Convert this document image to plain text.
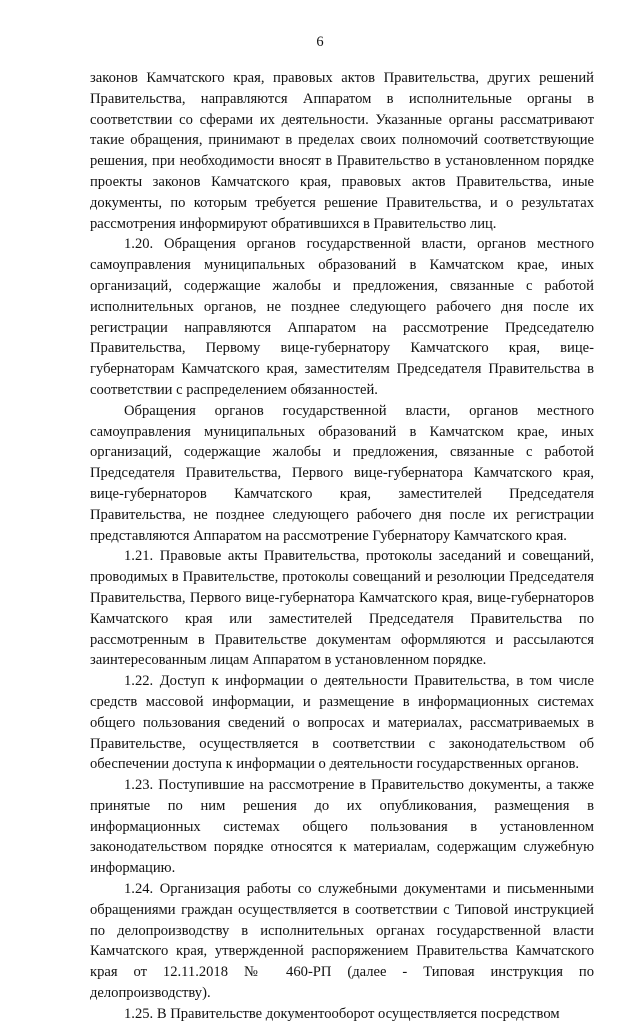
6

законов Камчатского края, правовых актов Правительства, других решений Правительства, направляются Аппаратом в исполнительные органы в соответствии со сферами их деятельности. Указанные органы рассматривают такие обращения, принимают в пределах своих полномочий соответствующие решения, при необходимости вносят в Правительство в установленном порядке проекты законов Камчатского края, правовых актов Правительства, иные документы, по которым требуется решение Правительства, и о результатах рассмотрения информируют обратившихся в Правительство лиц.

1.20. Обращения органов государственной власти, органов местного самоуправления муниципальных образований в Камчатском крае, иных организаций, содержащие жалобы и предложения, связанные с работой исполнительных органов, не позднее следующего рабочего дня после их регистрации направляются Аппаратом на рассмотрение Председателю Правительства, Первому вице-губернатору Камчатского края, вице-губернаторам Камчатского края, заместителям Председателя Правительства в соответствии с распределением обязанностей.

Обращения органов государственной власти, органов местного самоуправления муниципальных образований в Камчатском крае, иных организаций, содержащие жалобы и предложения, связанные с работой Председателя Правительства, Первого вице-губернатора Камчатского края, вице-губернаторов Камчатского края, заместителей Председателя Правительства, не позднее следующего рабочего дня после их регистрации представляются Аппаратом на рассмотрение Губернатору Камчатского края.

1.21. Правовые акты Правительства, протоколы заседаний и совещаний, проводимых в Правительстве, протоколы совещаний и резолюции Председателя Правительства, Первого вице-губернатора Камчатского края, вице-губернаторов Камчатского края или заместителей Председателя Правительства по рассмотренным в Правительстве документам оформляются и рассылаются заинтересованным лицам Аппаратом в установленном порядке.

1.22. Доступ к информации о деятельности Правительства, в том числе средств массовой информации, и размещение в информационных системах общего пользования сведений о вопросах и материалах, рассматриваемых в Правительстве, осуществляется в соответствии с законодательством об обеспечении доступа к информации о деятельности государственных органов.

1.23. Поступившие на рассмотрение в Правительство документы, а также принятые по ним решения до их опубликования, размещения в информационных системах общего пользования в установленном законодательством порядке относятся к материалам, содержащим служебную информацию.

1.24. Организация работы со служебными документами и письменными обращениями граждан осуществляется в соответствии с Типовой инструкцией по делопроизводству в исполнительных органах государственной власти Камчатского края, утвержденной распоряжением Правительства Камчатского края от 12.11.2018 № 460-РП (далее - Типовая инструкция по делопроизводству).

1.25. В Правительстве документооборот осуществляется посредством
